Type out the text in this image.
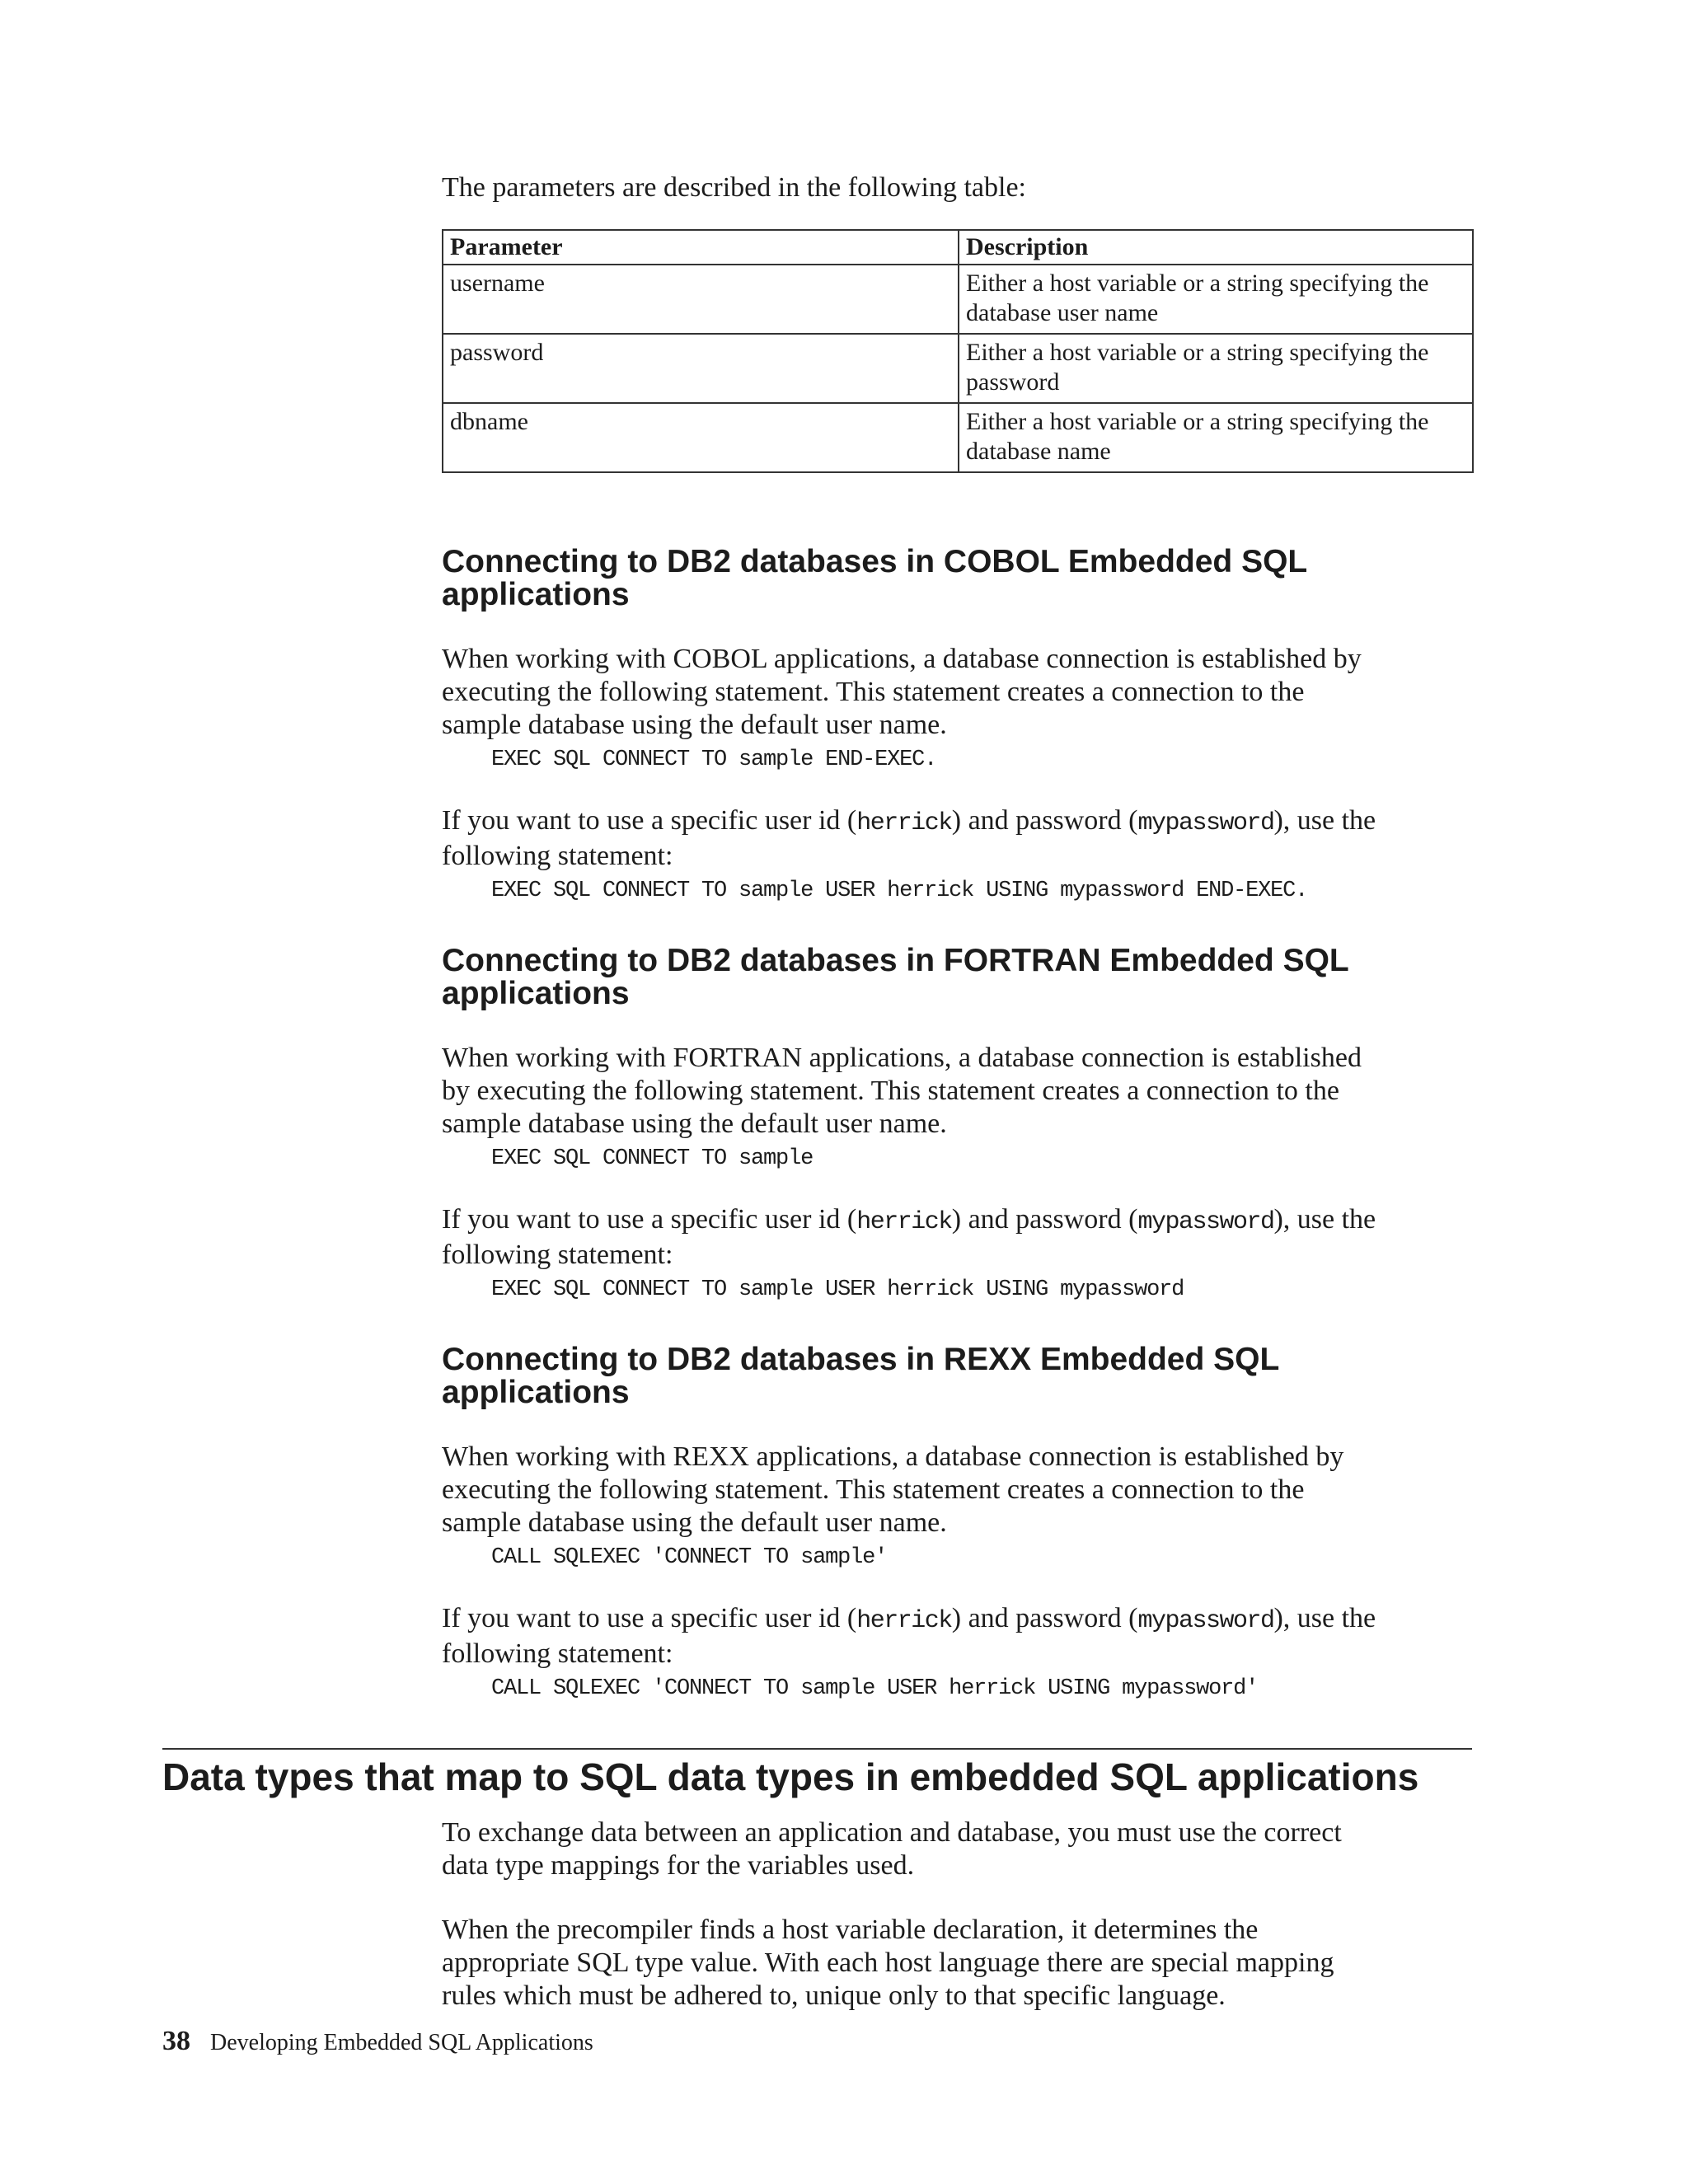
The parameters are described in the following table:

Parameter	Description
username	Either a host variable or a string specifying the database user name
password	Either a host variable or a string specifying the password
dbname	Either a host variable or a string specifying the database name
Connecting to DB2 databases in COBOL Embedded SQL
applications

When working with COBOL applications, a database connection is established by
executing the following statement. This statement creates a connection to the
sample database using the default user name.

EXEC SQL CONNECT TO sample END-EXEC.

If you want to use a specific user id (herrick) and password (mypassword), use the
following statement:

EXEC SQL CONNECT TO sample USER herrick USING mypassword END-EXEC.
Connecting to DB2 databases in FORTRAN Embedded SQL
applications

When working with FORTRAN applications, a database connection is established
by executing the following statement. This statement creates a connection to the
sample database using the default user name.

EXEC SQL CONNECT TO sample

If you want to use a specific user id (herrick) and password (mypassword), use the
following statement:

EXEC SQL CONNECT TO sample USER herrick USING mypassword
Connecting to DB2 databases in REXX Embedded SQL
applications

When working with REXX applications, a database connection is established by
executing the following statement. This statement creates a connection to the
sample database using the default user name.

CALL SQLEXEC 'CONNECT TO sample'

If you want to use a specific user id (herrick) and password (mypassword), use the
following statement:

CALL SQLEXEC 'CONNECT TO sample USER herrick USING mypassword'
Data types that map to SQL data types in embedded SQL applications

To exchange data between an application and database, you must use the correct
data type mappings for the variables used.

When the precompiler finds a host variable declaration, it determines the
appropriate SQL type value. With each host language there are special mapping
rules which must be adhered to, unique only to that specific language.

38 Developing Embedded SQL Applications
